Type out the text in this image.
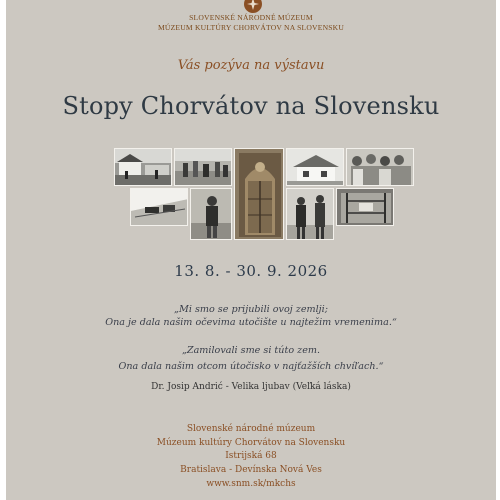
SLOVENSKÉ NÁRODNÉ MÚZEUM
MÚZEUM KULTÚRY CHORVÁTOV NA SLOVENSKU
Vás pozýva na výstavu
Stopy Chorvátov na Slovensku
13. 8. - 30. 9. 2026
„Mi smo se prijubili ovoj zemlji;
Ona je dala našim očevima utočište u najtežim vremenima.“
„Zamilovali sme si túto zem.
Ona dala našim otcom útočisko v najťažších chvíľach.“
Dr. Josip Andrić - Velika ljubav (Veľká láska)
Slovenské národné múzeum
Múzeum kultúry Chorvátov na Slovensku
Istrijská 68
Bratislava - Devínska Nová Ves
www.snm.sk/mkchs
